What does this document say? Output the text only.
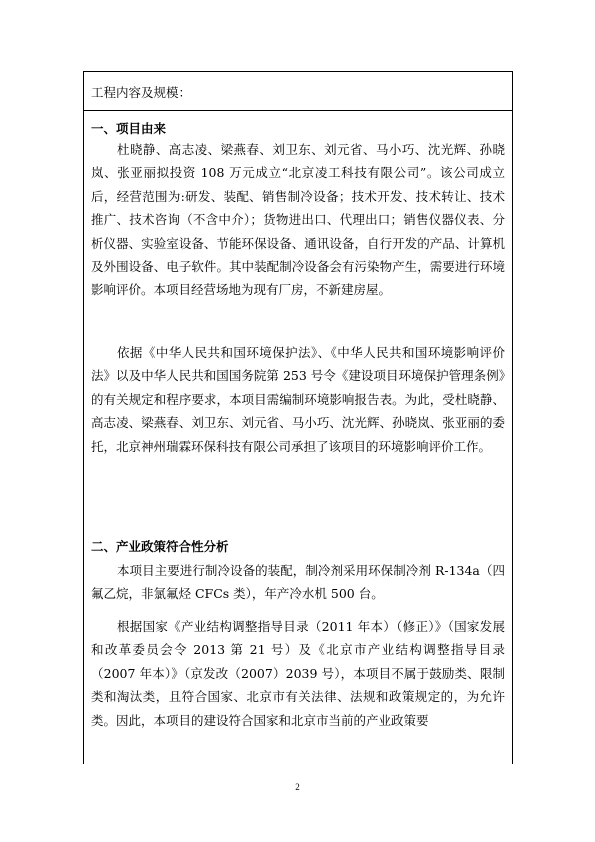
工程内容及规模：
一、项目由来

杜晓静、高志凌、梁燕春、刘卫东、刘元省、马小巧、沈光辉、孙晓岚、张亚丽拟投资 108 万元成立“北京凌工科技有限公司”。该公司成立后，经营范围为:研发、装配、销售制冷设备；技术开发、技术转让、技术推广、技术咨询（不含中介）；货物进出口、代理出口；销售仪器仪表、分析仪器、实验室设备、节能环保设备、通讯设备，自行开发的产品、计算机及外围设备、电子软件。其中装配制冷设备会有污染物产生，需要进行环境影响评价。本项目经营场地为现有厂房，不新建房屋。

依据《中华人民共和国环境保护法》、《中华人民共和国环境影响评价法》以及中华人民共和国国务院第 253 号令《建设项目环境保护管理条例》的有关规定和程序要求，本项目需编制环境影响报告表。为此，受杜晓静、高志凌、梁燕春、刘卫东、刘元省、马小巧、沈光辉、孙晓岚、张亚丽的委托，北京神州瑞霖环保科技有限公司承担了该项目的环境影响评价工作。

二、产业政策符合性分析

本项目主要进行制冷设备的装配，制冷剂采用环保制冷剂 R-134a（四氟乙烷，非氯氟烃 CFCs 类），年产冷水机 500 台。

根据国家《产业结构调整指导目录（2011 年本）（修正）》（国家发展和改革委员会令 2013 第 21 号）及《北京市产业结构调整指导目录（2007 年本）》（京发改（2007）2039 号），本项目不属于鼓励类、限制类和淘汰类，且符合国家、北京市有关法律、法规和政策规定的，为允许类。因此，本项目的建设符合国家和北京市当前的产业政策要

2
